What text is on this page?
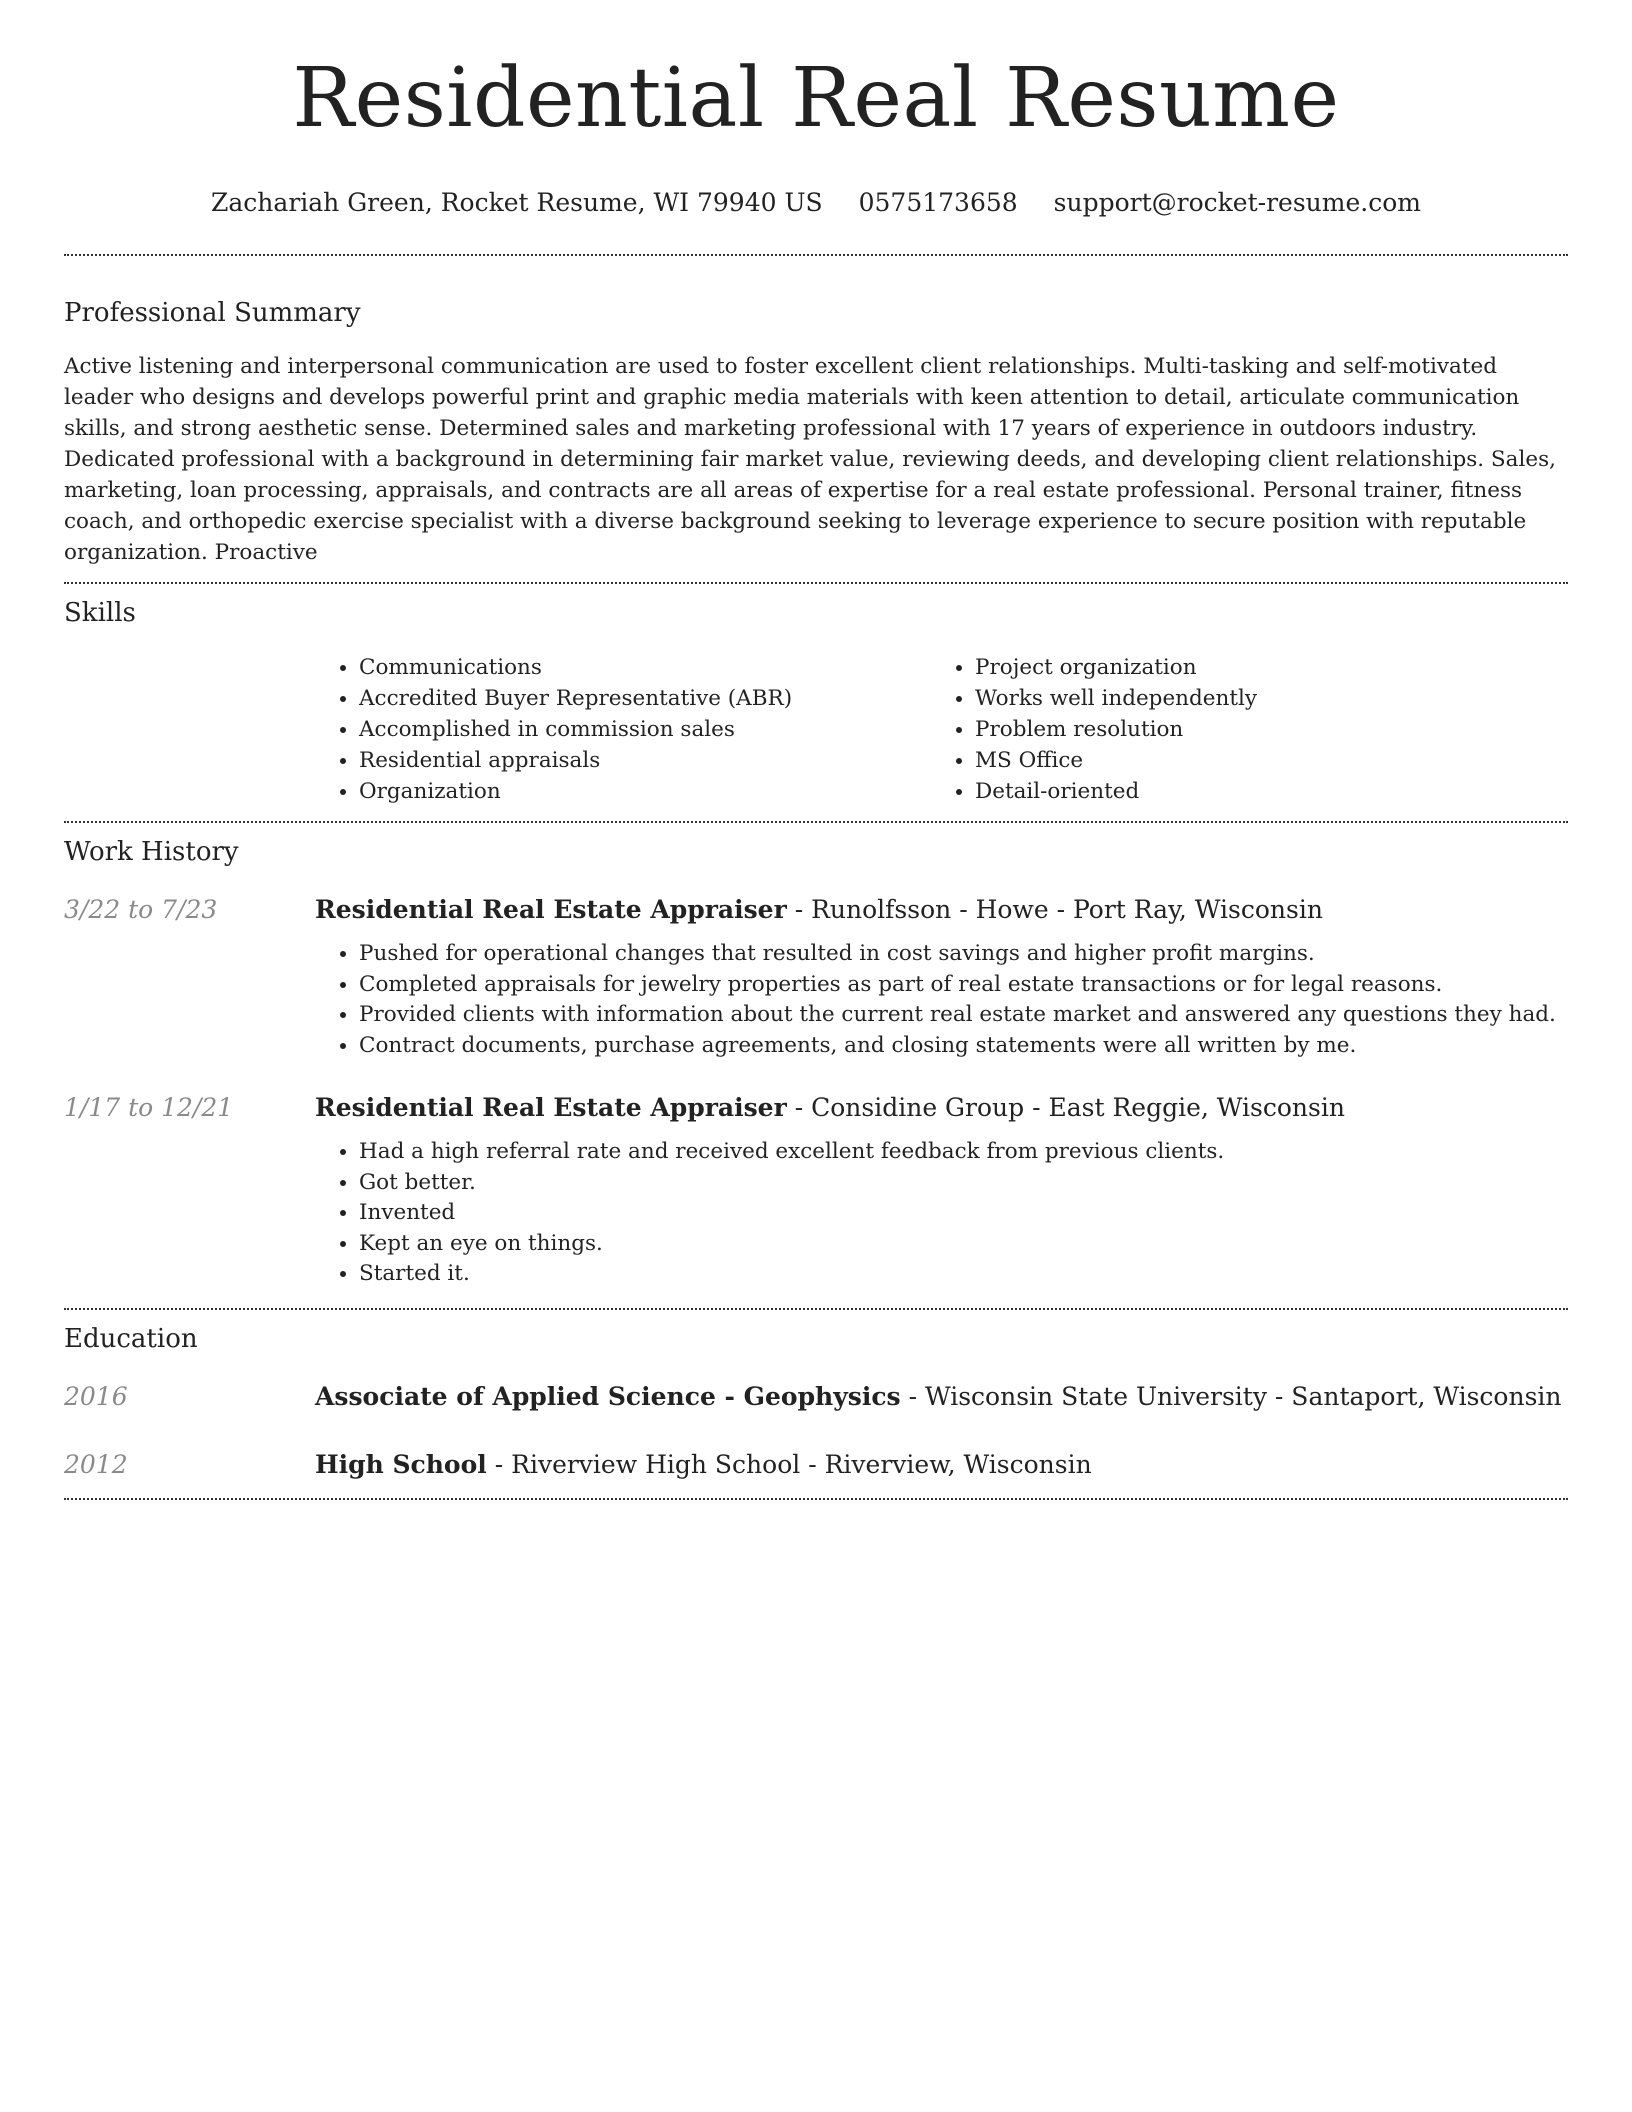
Residential Real Resume
Zachariah Green, Rocket Resume, WI 79940 US 0575173658 support@rocket-resume.com
Professional Summary

Active listening and interpersonal communication are used to foster excellent client relationships. Multi-tasking and self-motivated leader who designs and develops powerful print and graphic media materials with keen attention to detail, articulate communication skills, and strong aesthetic sense. Determined sales and marketing professional with 17 years of experience in outdoors industry. Dedicated professional with a background in determining fair market value, reviewing deeds, and developing client relationships. Sales, marketing, loan processing, appraisals, and contracts are all areas of expertise for a real estate professional. Personal trainer, fitness coach, and orthopedic exercise specialist with a diverse background seeking to leverage experience to secure position with reputable organization. Proactive

Skills
• Communications
• Accredited Buyer Representative (ABR)
• Accomplished in commission sales
• Residential appraisals
• Organization
• Project organization
• Works well independently
• Problem resolution
• MS Office
• Detail-oriented
Work History
3/22 to 7/23	Residential Real Estate Appraiser - Runolfsson - Howe - Port Ray, Wisconsin
• Pushed for operational changes that resulted in cost savings and higher profit margins.
• Completed appraisals for jewelry properties as part of real estate transactions or for legal reasons.
• Provided clients with information about the current real estate market and answered any questions they had.
• Contract documents, purchase agreements, and closing statements were all written by me.
1/17 to 12/21	Residential Real Estate Appraiser - Considine Group - East Reggie, Wisconsin
• Had a high referral rate and received excellent feedback from previous clients.
• Got better.
• Invented
• Kept an eye on things.
• Started it.
Education
2016	Associate of Applied Science - Geophysics - Wisconsin State University - Santaport, Wisconsin
2012	High School - Riverview High School - Riverview, Wisconsin
